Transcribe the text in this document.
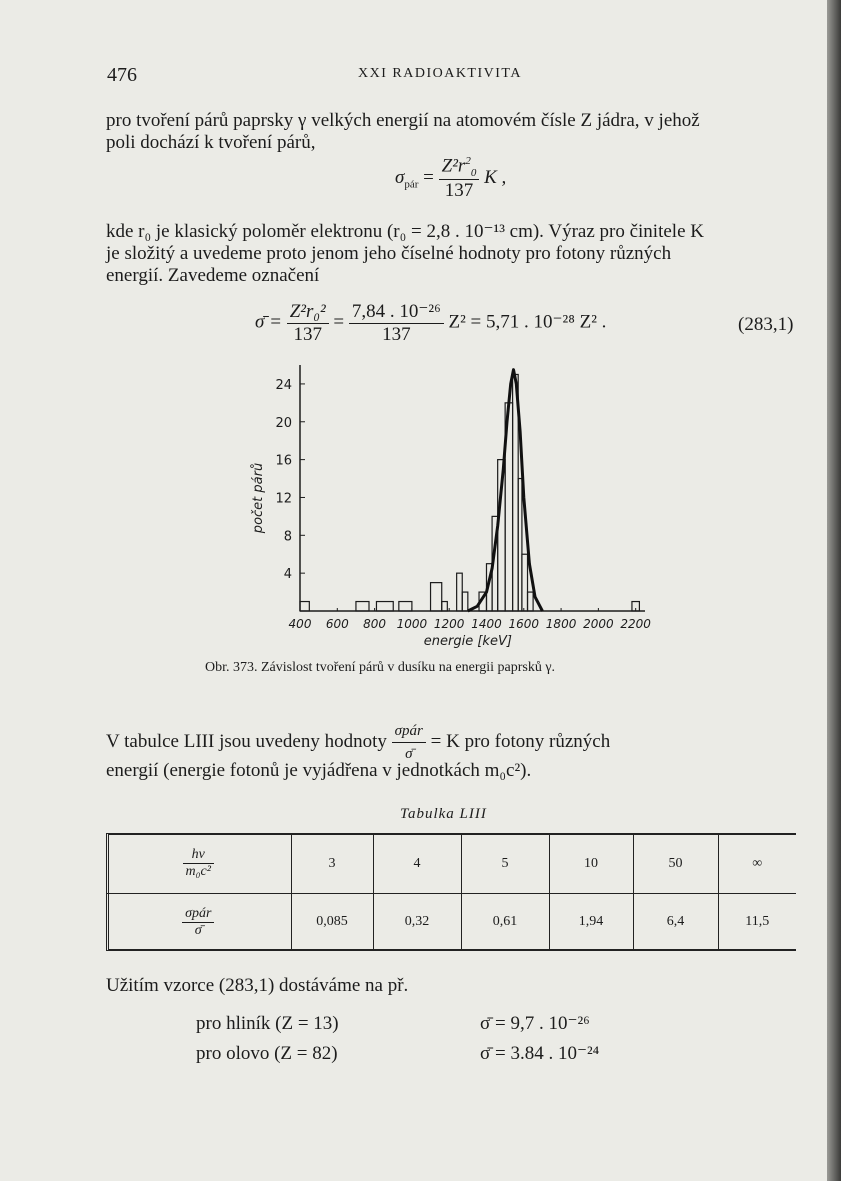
476	XXI RADIOAKTIVITA
pro tvoření párů paprsky γ velkých energií na atomovém čísle Z jádra, v jehož
poli dochází k tvoření párů,
$\sigma_{pár} = \frac{Z^2r^2_0}{137}$ K ,
kde r₀ je klasický poloměr elektronu (r₀ = 2,8 . 10⁻¹³ cm). Výraz pro činitele K
je složitý a uvedeme proto jenom jeho číselné hodnoty pro fotony různých
energií. Zavedeme označení
σ̄ = $\frac{\text{Z²r₀²}}{137} = \frac{\text{7,84 . 10⁻²⁶}}{137} Z^2 = 5,71$ . 10⁻²⁸ Z² .	(283,1)
4
8
12
16
20
24
400 600 800 1000 1200 1400 1600 1800 2000 2200
energie [keV]
počet párů
Obr. 373. Závislost tvoření párů v dusíku na energii paprsků γ.
V tabulce LIII jsou uvedeny hodnoty $\frac{\text{σpár}}{\sigmā} = K$ pro fotony různých
energií (energie fotonů je vyjádřena v jednotkách m₀c²).
Tabulka LIII
$\frac{h\nu}{\text{m₀c²}}$	3	4	5	10	50	∞

$\frac{\text{σpár}}{\sigmā}$	0,085	0,32	0,61	1,94	6,4	11,5
Užitím vzorce (283,1) dostáváme na př.
pro hliník (Z = 13)	σ̄ = 9,7 . 10⁻²⁶
pro olovo (Z = 82)	σ̄ = 3.84 . 10⁻²⁴
